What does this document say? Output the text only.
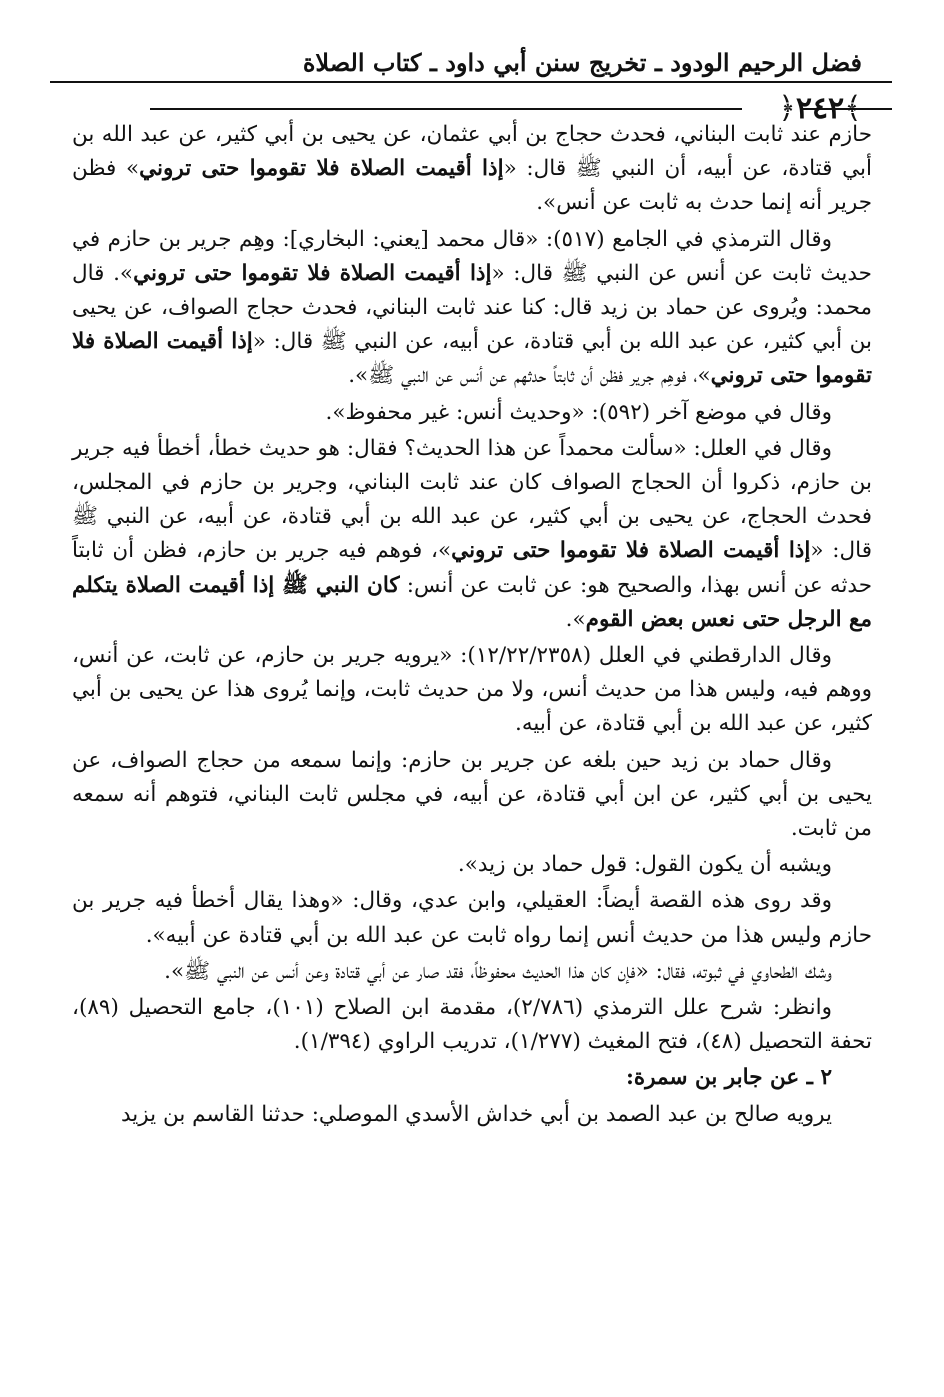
فضل الرحيم الودود ـ تخريج سنن أبي داود ـ كتاب الصلاة
﴿٢٤٢﴾

حازم عند ثابت البناني، فحدث حجاج بن أبي عثمان، عن يحيى بن أبي كثير، عن عبد الله بن أبي قتادة، عن أبيه، أن النبي ﷺ قال: «إذا أقيمت الصلاة فلا تقوموا حتى تروني» فظن جرير أنه إنما حدث به ثابت عن أنس».

وقال الترمذي في الجامع (٥١٧): «قال محمد [يعني: البخاري]: وهِم جرير بن حازم في حديث ثابت عن أنس عن النبي ﷺ قال: «إذا أقيمت الصلاة فلا تقوموا حتى تروني». قال محمد: ويُروى عن حماد بن زيد قال: كنا عند ثابت البناني، فحدث حجاج الصواف، عن يحيى بن أبي كثير، عن عبد الله بن أبي قتادة، عن أبيه، عن النبي ﷺ قال: «إذا أقيمت الصلاة فلا تقوموا حتى تروني»، فوهِم جرير فظن أن ثابتاً حدثهم عن أنس عن النبي ﷺ».

وقال في موضع آخر (٥٩٢): «وحديث أنس: غير محفوظ».

وقال في العلل: «سألت محمداً عن هذا الحديث؟ فقال: هو حديث خطأ، أخطأ فيه جرير بن حازم، ذكروا أن الحجاج الصواف كان عند ثابت البناني، وجرير بن حازم في المجلس، فحدث الحجاج، عن يحيى بن أبي كثير، عن عبد الله بن أبي قتادة، عن أبيه، عن النبي ﷺ قال: «إذا أقيمت الصلاة فلا تقوموا حتى تروني»، فوهم فيه جرير بن حازم، فظن أن ثابتاً حدثه عن أنس بهذا، والصحيح هو: عن ثابت عن أنس: كان النبي ﷺ إذا أقيمت الصلاة يتكلم مع الرجل حتى نعس بعض القوم».

وقال الدارقطني في العلل (١٢/٢٢/٢٣٥٨): «يرويه جرير بن حازم، عن ثابت، عن أنس، ووهم فيه، وليس هذا من حديث أنس، ولا من حديث ثابت، وإنما يُروى هذا عن يحيى بن أبي كثير، عن عبد الله بن أبي قتادة، عن أبيه.

وقال حماد بن زيد حين بلغه عن جرير بن حازم: وإنما سمعه من حجاج الصواف، عن يحيى بن أبي كثير، عن ابن أبي قتادة، عن أبيه، في مجلس ثابت البناني، فتوهم أنه سمعه من ثابت.

ويشبه أن يكون القول: قول حماد بن زيد».

وقد روى هذه القصة أيضاً: العقيلي، وابن عدي، وقال: «وهذا يقال أخطأ فيه جرير بن حازم وليس هذا من حديث أنس إنما رواه ثابت عن عبد الله بن أبي قتادة عن أبيه».

وشك الطحاوي في ثبوته، فقال: «فإن كان هذا الحديث محفوظاً، فقد صار عن أبي قتادة وعن أنس عن النبي ﷺ».

وانظر: شرح علل الترمذي (٢/٧٨٦)، مقدمة ابن الصلاح (١٠١)، جامع التحصيل (٨٩)، تحفة التحصيل (٤٨)، فتح المغيث (١/٢٧٧)، تدريب الراوي (١/٣٩٤).

٢ ـ عن جابر بن سمرة:

يرويه صالح بن عبد الصمد بن أبي خداش الأسدي الموصلي: حدثنا القاسم بن يزيد
